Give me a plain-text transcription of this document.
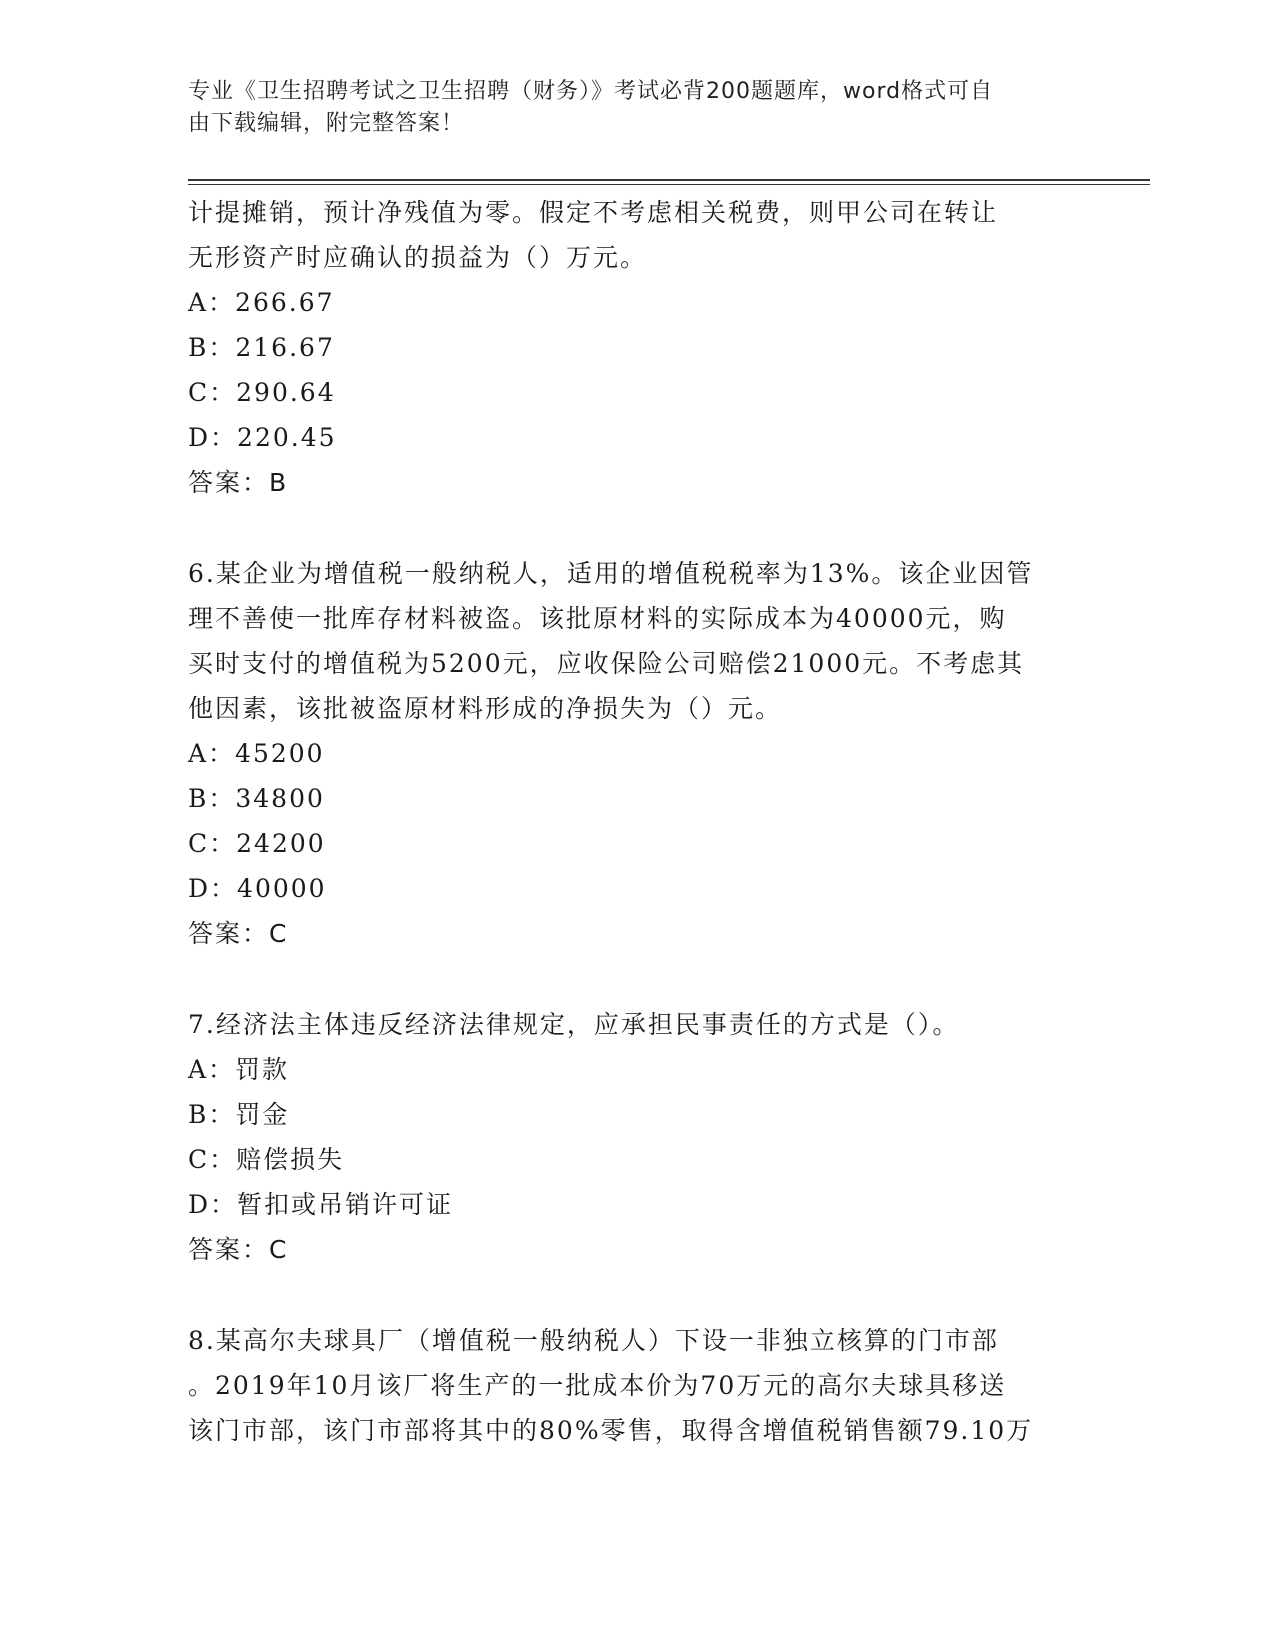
专业《卫生招聘考试之卫生招聘（财务）》考试必背200题题库，word格式可自
由下载编辑，附完整答案！
计提摊销，预计净残值为零。假定不考虑相关税费，则甲公司在转让
无形资产时应确认的损益为（）万元。
A：266.67
B：216.67
C：290.64
D：220.45
答案：B
6.某企业为增值税一般纳税人，适用的增值税税率为13%。该企业因管
理不善使一批库存材料被盗。该批原材料的实际成本为40000元，购
买时支付的增值税为5200元，应收保险公司赔偿21000元。不考虑其
他因素，该批被盗原材料形成的净损失为（）元。
A：45200
B：34800
C：24200
D：40000
答案：C
7.经济法主体违反经济法律规定，应承担民事责任的方式是（）。
A：罚款
B：罚金
C：赔偿损失
D：暂扣或吊销许可证
答案：C
8.某高尔夫球具厂（增值税一般纳税人）下设一非独立核算的门市部
。2019年10月该厂将生产的一批成本价为70万元的高尔夫球具移送
该门市部，该门市部将其中的80%零售，取得含增值税销售额79.10万
